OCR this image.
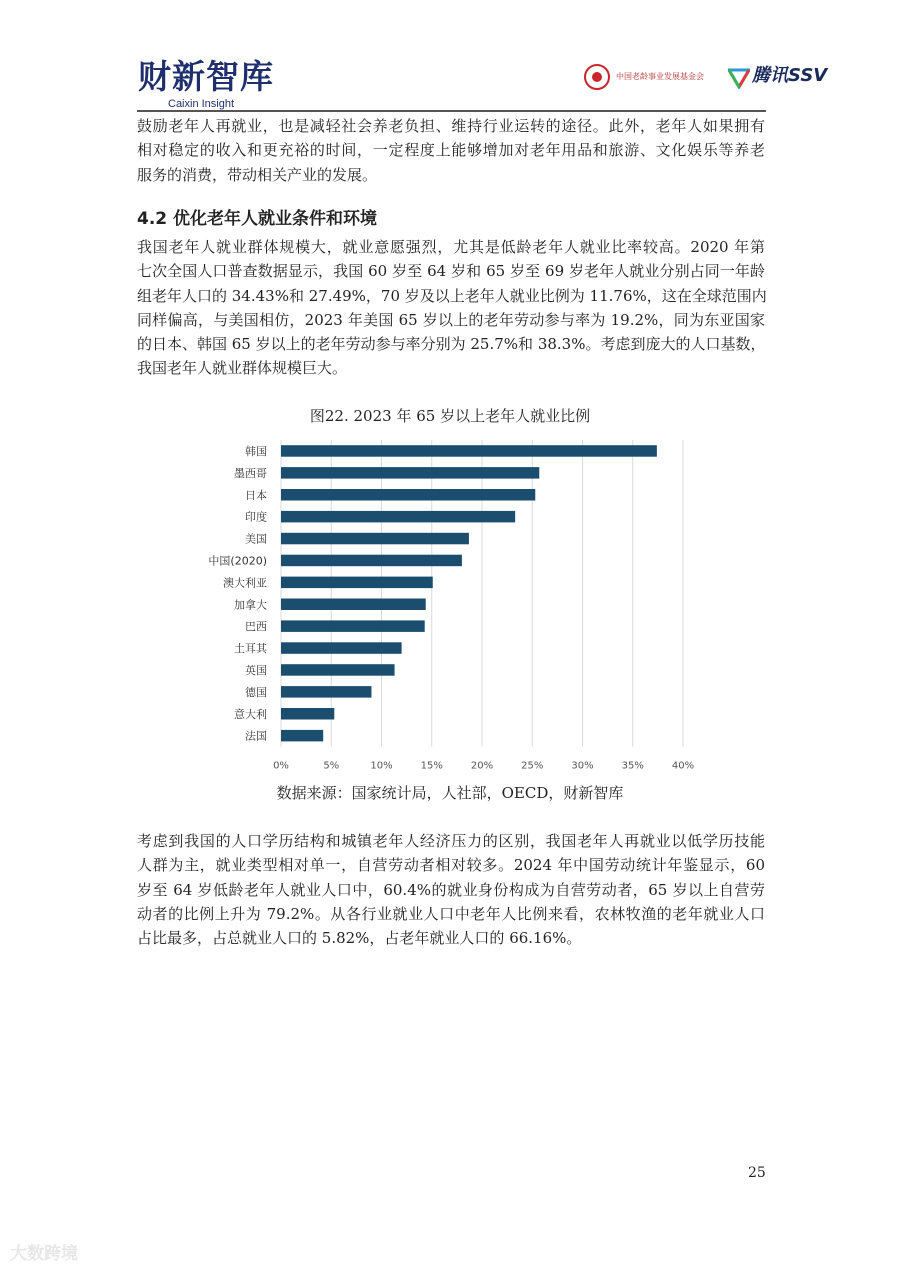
财新智库
Caixin Insight
中国老龄事业发展基金会	腾讯SSV
鼓励老年人再就业，也是减轻社会养老负担、维持行业运转的途径。此外，老年人如果拥有
相对稳定的收入和更充裕的时间，一定程度上能够增加对老年用品和旅游、文化娱乐等养老
服务的消费，带动相关产业的发展。
4.2 优化老年人就业条件和环境
我国老年人就业群体规模大，就业意愿强烈，尤其是低龄老年人就业比率较高。2020 年第
七次全国人口普查数据显示，我国 60 岁至 64 岁和 65 岁至 69 岁老年人就业分别占同一年龄
组老年人口的 34.43%和 27.49%，70 岁及以上老年人就业比例为 11.76%，这在全球范围内
同样偏高，与美国相仿，2023 年美国 65 岁以上的老年劳动参与率为 19.2%，同为东亚国家
的日本、韩国 65 岁以上的老年劳动参与率分别为 25.7%和 38.3%。考虑到庞大的人口基数，
我国老年人就业群体规模巨大。
图22. 2023 年 65 岁以上老年人就业比例
0%	5%	10%	15%	20%	25%	30%	35%	40%
韩国
墨西哥
日本
印度
美国
中国(2020)
澳大利亚
加拿大
巴西
土耳其
英国
德国
意大利
法国
数据来源：国家统计局，人社部，OECD，财新智库
考虑到我国的人口学历结构和城镇老年人经济压力的区别，我国老年人再就业以低学历技能
人群为主，就业类型相对单一，自营劳动者相对较多。2024 年中国劳动统计年鉴显示，60
岁至 64 岁低龄老年人就业人口中，60.4%的就业身份构成为自营劳动者，65 岁以上自营劳
动者的比例上升为 79.2%。从各行业就业人口中老年人比例来看，农林牧渔的老年就业人口
占比最多，占总就业人口的 5.82%，占老年就业人口的 66.16%。
25
大数跨境
